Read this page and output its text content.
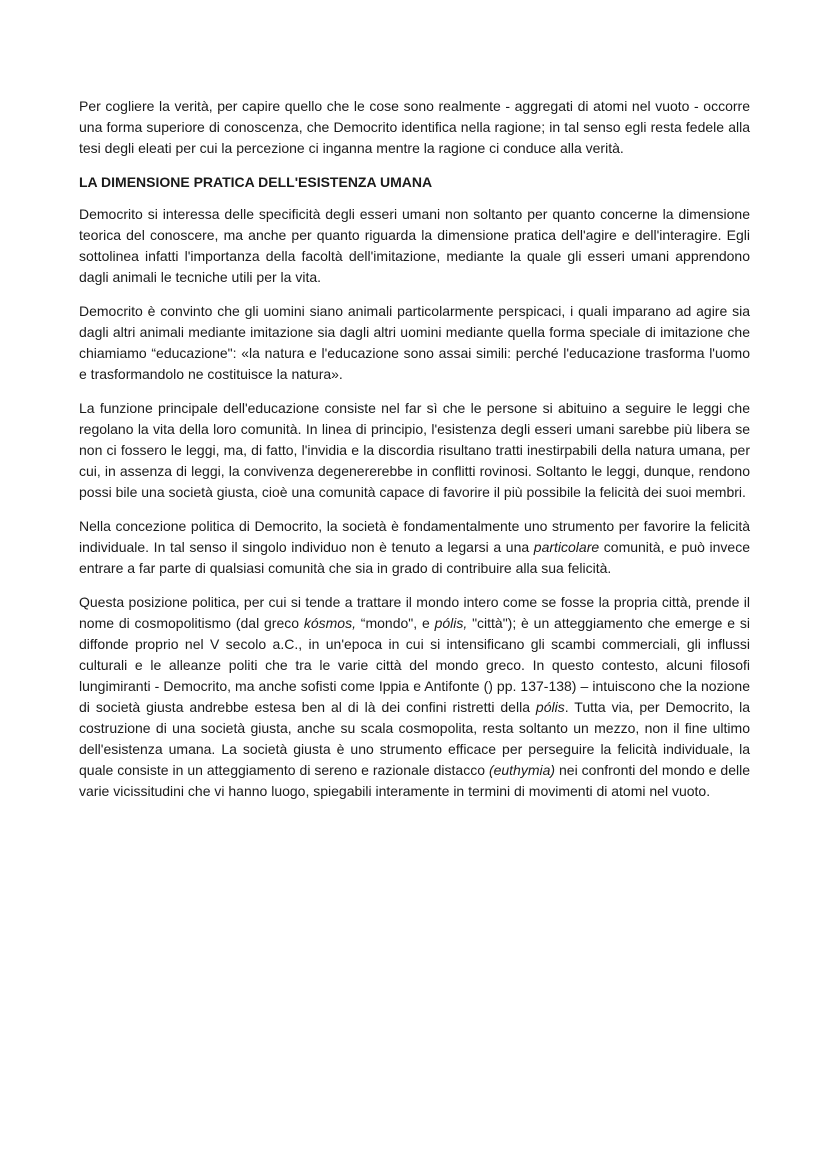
Per cogliere la verità, per capire quello che le cose sono realmente - aggregati di atomi nel vuoto - occorre una forma superiore di conoscenza, che Democrito identifica nella ragione; in tal senso egli resta fedele alla tesi degli eleati per cui la percezione ci inganna mentre la ragione ci conduce alla verità.

LA DIMENSIONE PRATICA DELL'ESISTENZA UMANA

Democrito si interessa delle specificità degli esseri umani non soltanto per quanto concerne la dimensione teorica del conoscere, ma anche per quanto riguarda la dimensione pratica dell'agire e dell'interagire. Egli sottolinea infatti l'importanza della facoltà dell'imitazione, mediante la quale gli esseri umani apprendono dagli animali le tecniche utili per la vita.

Democrito è convinto che gli uomini siano animali particolarmente perspicaci, i quali imparano ad agire sia dagli altri animali mediante imitazione sia dagli altri uomini mediante quella forma speciale di imitazione che chiamiamo “educazione": «la natura e l'educazione sono assai simili: perché l'educazione trasforma l'uomo e trasformandolo ne costituisce la natura».

La funzione principale dell'educazione consiste nel far sì che le persone si abituino a seguire le leggi che regolano la vita della loro comunità. In linea di principio, l'esistenza degli esseri umani sarebbe più libera se non ci fossero le leggi, ma, di fatto, l'invidia e la discordia risultano tratti inestirpabili della natura umana, per cui, in assenza di leggi, la convivenza degenererebbe in conflitti rovinosi. Soltanto le leggi, dunque, rendono possi bile una società giusta, cioè una comunità capace di favorire il più possibile la felicità dei suoi membri.

Nella concezione politica di Democrito, la società è fondamentalmente uno strumento per favorire la felicità individuale. In tal senso il singolo individuo non è tenuto a legarsi a una particolare comunità, e può invece entrare a far parte di qualsiasi comunità che sia in grado di contribuire alla sua felicità.

Questa posizione politica, per cui si tende a trattare il mondo intero come se fosse la propria città, prende il nome di cosmopolitismo (dal greco kósmos, “mondo", e pólis, "città"); è un atteggiamento che emerge e si diffonde proprio nel V secolo a.C., in un'epoca in cui si intensificano gli scambi commerciali, gli influssi culturali e le alleanze politi che tra le varie città del mondo greco. In questo contesto, alcuni filosofi lungimiranti - Democrito, ma anche sofisti come Ippia e Antifonte () pp. 137-138) – intuiscono che la nozione di società giusta andrebbe estesa ben al di là dei confini ristretti della pólis. Tutta via, per Democrito, la costruzione di una società giusta, anche su scala cosmopolita, resta soltanto un mezzo, non il fine ultimo dell'esistenza umana. La società giusta è uno strumento efficace per perseguire la felicità individuale, la quale consiste in un atteggiamento di sereno e razionale distacco (euthymia) nei confronti del mondo e delle varie vicissitudini che vi hanno luogo, spiegabili interamente in termini di movimenti di atomi nel vuoto.
